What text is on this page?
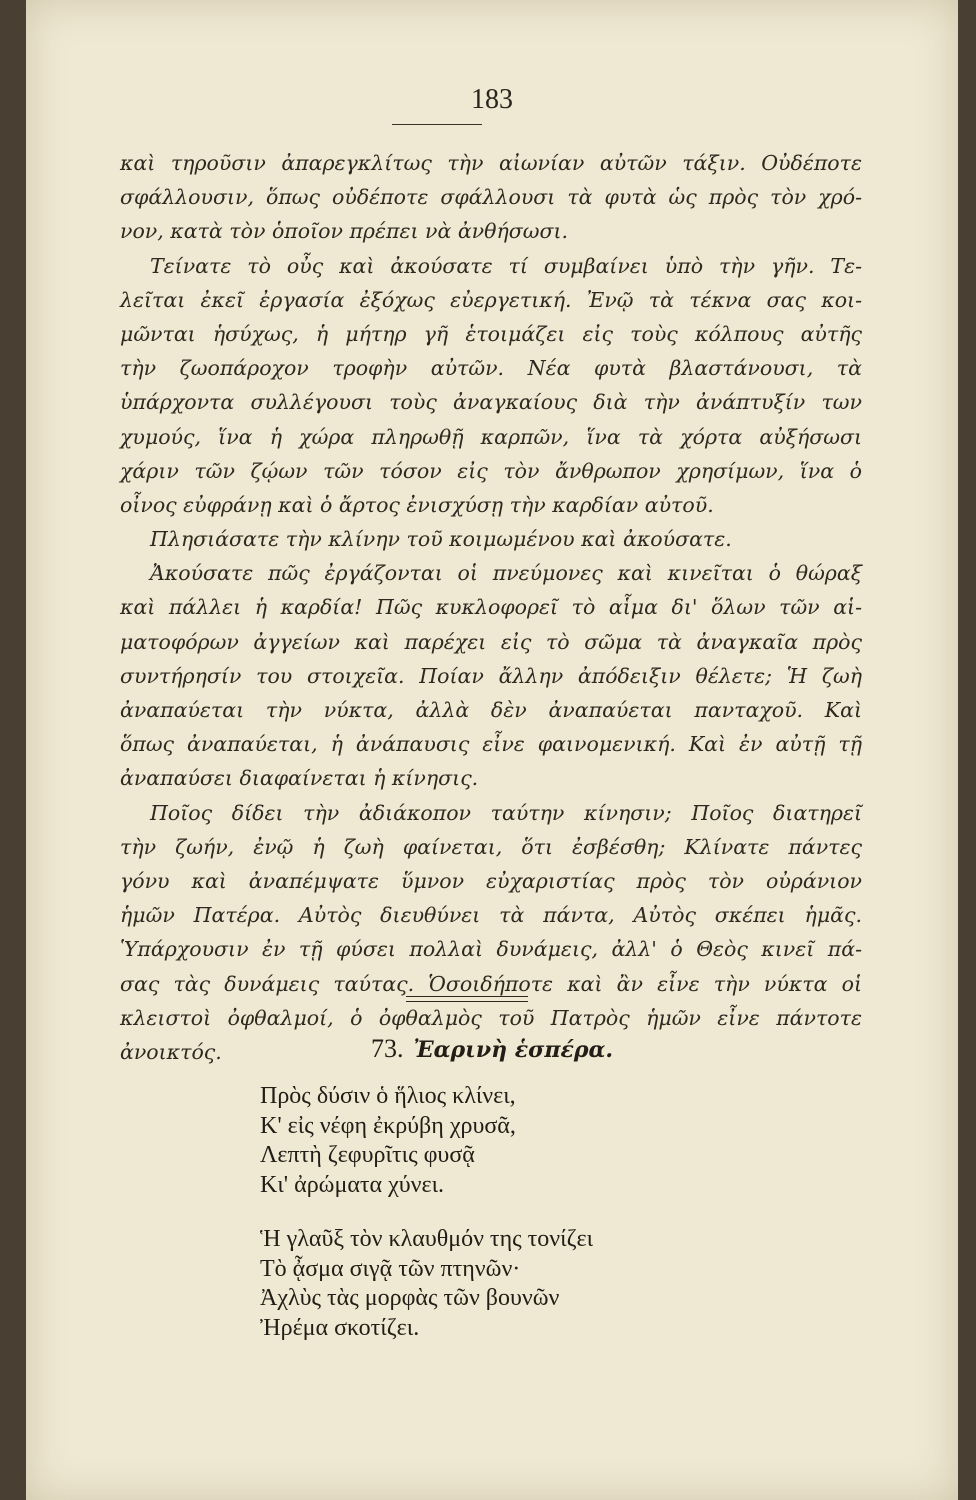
183
καὶ τηροῦσιν ἀπαρεγκλίτως τὴν αἰωνίαν αὐτῶν τάξιν. Οὐδέποτε
σφάλλουσιν, ὅπως οὐδέποτε σφάλλουσι τὰ φυτὰ ὡς πρὸς τὸν χρό-
νον, κατὰ τὸν ὁποῖον πρέπει νὰ ἀνθήσωσι.
Τείνατε τὸ οὖς καὶ ἀκούσατε τί συμβαίνει ὑπὸ τὴν γῆν. Τε-
λεῖται ἐκεῖ ἐργασία ἐξόχως εὐεργετική. Ἐνῷ τὰ τέκνα σας κοι-
μῶνται ἡσύχως, ἡ μήτηρ γῆ ἑτοιμάζει εἰς τοὺς κόλπους αὐτῆς
τὴν ζωοπάροχον τροφὴν αὐτῶν. Νέα φυτὰ βλαστάνουσι, τὰ
ὑπάρχοντα συλλέγουσι τοὺς ἀναγκαίους διὰ τὴν ἀνάπτυξίν των
χυμούς, ἵνα ἡ χώρα πληρωθῇ καρπῶν, ἵνα τὰ χόρτα αὐξήσωσι
χάριν τῶν ζῴων τῶν τόσον εἰς τὸν ἄνθρωπον χρησίμων, ἵνα ὁ
οἶνος εὐφράνῃ καὶ ὁ ἄρτος ἐνισχύσῃ τὴν καρδίαν αὐτοῦ.
Πλησιάσατε τὴν κλίνην τοῦ κοιμωμένου καὶ ἀκούσατε.
Ἀκούσατε πῶς ἐργάζονται οἱ πνεύμονες καὶ κινεῖται ὁ θώραξ
καὶ πάλλει ἡ καρδία! Πῶς κυκλοφορεῖ τὸ αἷμα δι' ὅλων τῶν αἱ-
ματοφόρων ἀγγείων καὶ παρέχει εἰς τὸ σῶμα τὰ ἀναγκαῖα πρὸς
συντήρησίν του στοιχεῖα. Ποίαν ἄλλην ἀπόδειξιν θέλετε; Ἡ ζωὴ
ἀναπαύεται τὴν νύκτα, ἀλλὰ δὲν ἀναπαύεται πανταχοῦ. Καὶ
ὅπως ἀναπαύεται, ἡ ἀνάπαυσις εἶνε φαινομενική. Καὶ ἐν αὐτῇ τῇ
ἀναπαύσει διαφαίνεται ἡ κίνησις.
Ποῖος δίδει τὴν ἀδιάκοπον ταύτην κίνησιν; Ποῖος διατηρεῖ
τὴν ζωήν, ἐνῷ ἡ ζωὴ φαίνεται, ὅτι ἐσβέσθη; Κλίνατε πάντες
γόνυ καὶ ἀναπέμψατε ὕμνον εὐχαριστίας πρὸς τὸν οὐράνιον
ἡμῶν Πατέρα. Αὐτὸς διευθύνει τὰ πάντα, Αὐτὸς σκέπει ἡμᾶς.
Ὑπάρχουσιν ἐν τῇ φύσει πολλαὶ δυνάμεις, ἀλλ' ὁ Θεὸς κινεῖ πά-
σας τὰς δυνάμεις ταύτας. Ὁσοιδήποτε καὶ ἂν εἶνε τὴν νύκτα οἱ
κλειστοὶ ὀφθαλμοί, ὁ ὀφθαλμὸς τοῦ Πατρὸς ἡμῶν εἶνε πάντοτε
ἀνοικτός.	73. Ἐαρινὴ ἑσπέρα.
Πρὸς δύσιν ὁ ἥλιος κλίνει,
Κ' εἰς νέφη ἐκρύβη χρυσᾶ,
Λεπτὴ ζεφυρῖτις φυσᾷ
Κι' ἀρώματα χύνει.
Ἡ γλαῦξ τὸν κλαυθμόν της τονίζει
Τὸ ᾆσμα σιγᾷ τῶν πτηνῶν·
Ἀχλὺς τὰς μορφὰς τῶν βουνῶν
Ἠρέμα σκοτίζει.
